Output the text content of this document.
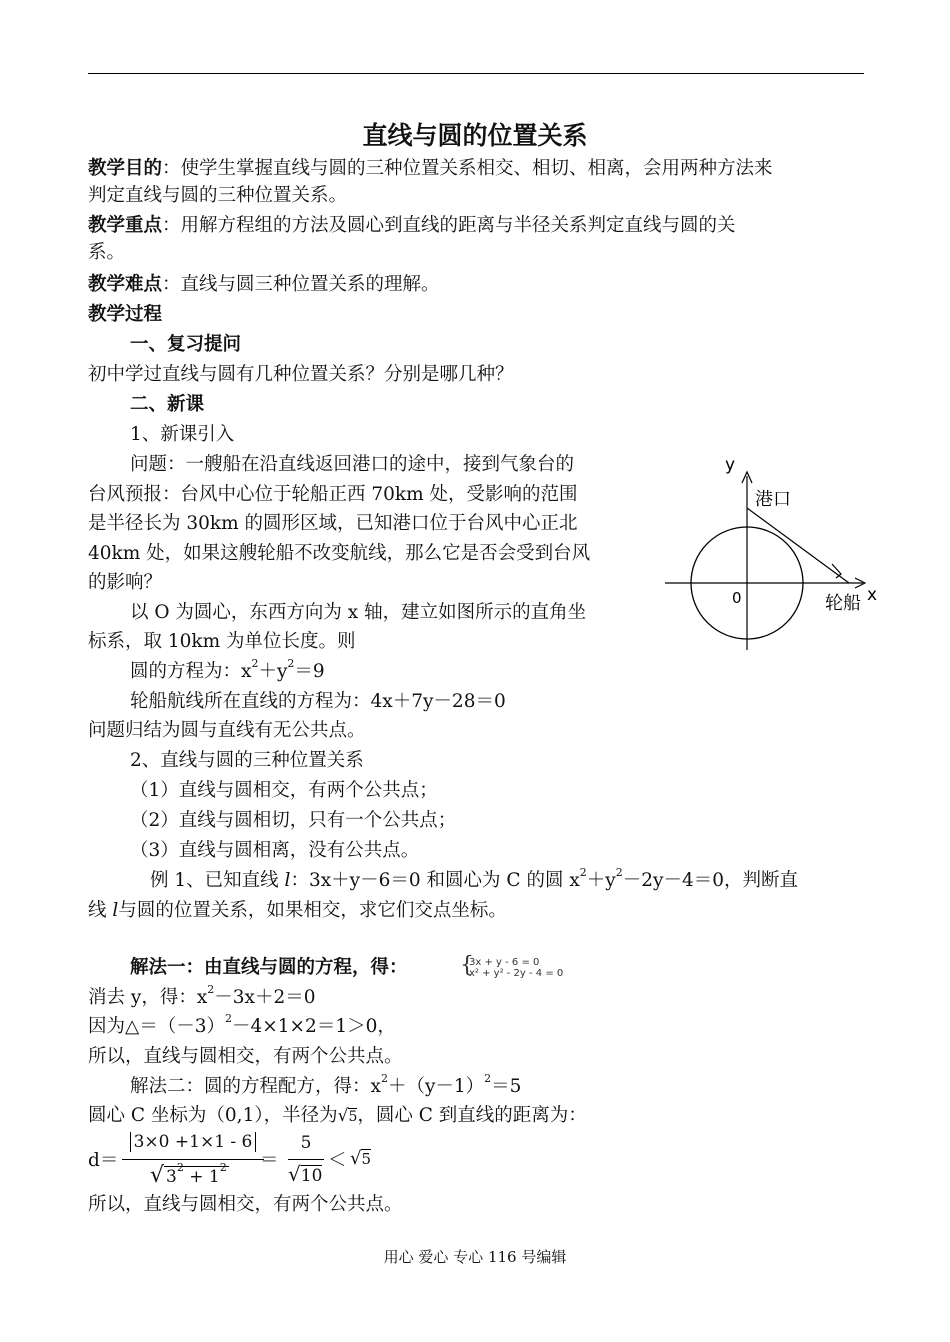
直线与圆的位置关系
教学目的：使学生掌握直线与圆的三种位置关系相交、相切、相离，会用两种方法来
判定直线与圆的三种位置关系。
教学重点：用解方程组的方法及圆心到直线的距离与半径关系判定直线与圆的关
系。
教学难点：直线与圆三种位置关系的理解。
教学过程
一、复习提问
初中学过直线与圆有几种位置关系？分别是哪几种？
二、新课
1、新课引入
问题：一艘船在沿直线返回港口的途中，接到气象台的
台风预报：台风中心位于轮船正西 70km 处，受影响的范围
是半径长为 30km 的圆形区域，已知港口位于台风中心正北
40km 处，如果这艘轮船不改变航线，那么它是否会受到台风
的影响？
以 O 为圆心，东西方向为 x 轴，建立如图所示的直角坐
标系，取 10km 为单位长度。则
圆的方程为：$x^2+y^2=9$
轮船航线所在直线的方程为：4x＋7y－28＝0
问题归结为圆与直线有无公共点。
2、直线与圆的三种位置关系
（1）直线与圆相交，有两个公共点；
（2）直线与圆相切，只有一个公共点；
（3）直线与圆相离，没有公共点。
例 1、已知直线 l：3x＋y－6＝0 和圆心为 C 的圆 $x^2+y^2-2y-4=0$，判断直
线 l与圆的位置关系，如果相交，求它们交点坐标。
解法一：由直线与圆的方程，得： {
3x + y - 6 = 0
x² + y² - 2y - 4 = 0
消去 y，得：$x^2-3x+2=0$
因为$\triangle=(-3)^2-4\times 1\times 2=1>0$，
所以，直线与圆相交，有两个公共点。
解法二：圆的方程配方，得：$x^2+(y-1)^2=5$
圆心 C 坐标为（0,1），半径为√5，圆心 C 到直线的距离为：
d＝
3×0 +1×1 - 6
√ $3^2 + 1^2$ ＝
5
√10
＜ √5
所以，直线与圆相交，有两个公共点。
y
x
0
港口
轮船
用心 爱心 专心 116 号编辑
